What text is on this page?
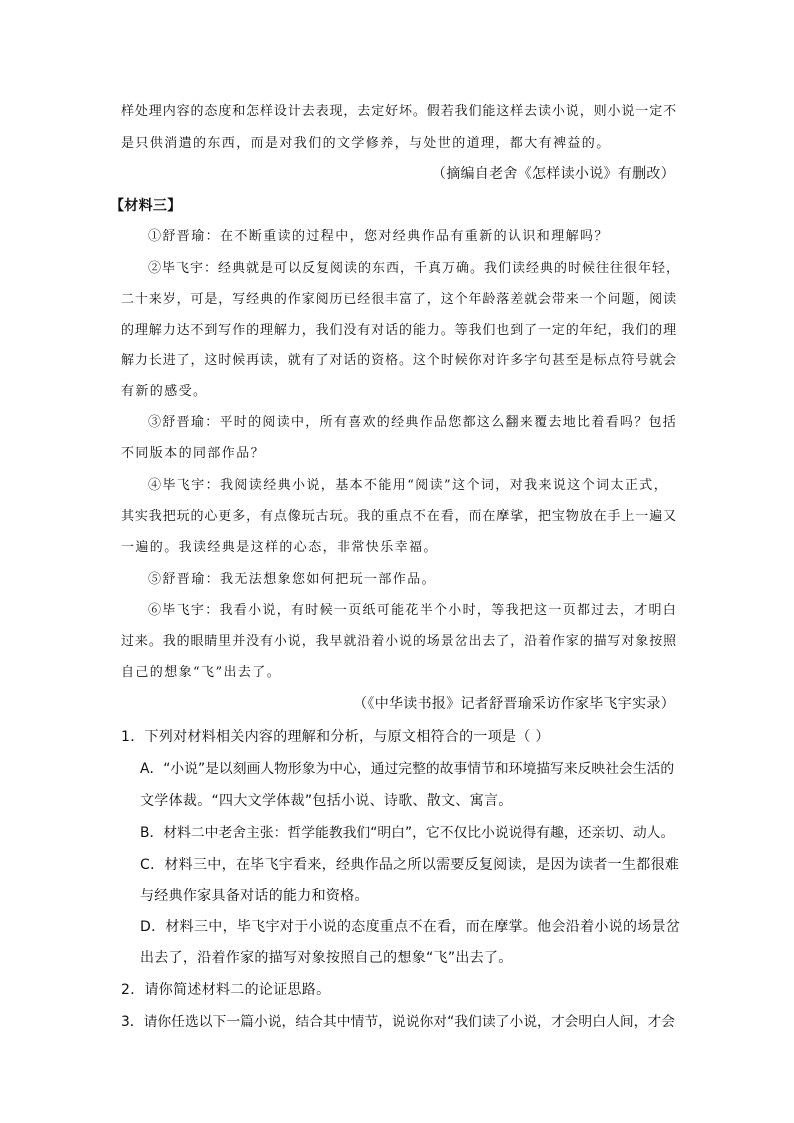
样处理内容的态度和怎样设计去表现，去定好坏。假若我们能这样去读小说，则小说一定不
是只供消遣的东西，而是对我们的文学修养，与处世的道理，都大有裨益的。
（摘编自老舍《怎样读小说》有删改）
【材料三】
①舒晋瑜：在不断重读的过程中，您对经典作品有重新的认识和理解吗？
②毕飞宇：经典就是可以反复阅读的东西，千真万确。我们读经典的时候往往很年轻，
二十来岁，可是，写经典的作家阅历已经很丰富了，这个年龄落差就会带来一个问题，阅读
的理解力达不到写作的理解力，我们没有对话的能力。等我们也到了一定的年纪，我们的理
解力长进了，这时候再读，就有了对话的资格。这个时候你对许多字句甚至是标点符号就会
有新的感受。
③舒晋瑜：平时的阅读中，所有喜欢的经典作品您都这么翻来覆去地比着看吗？包括
不同版本的同部作品？
④毕飞宇：我阅读经典小说，基本不能用“阅读”这个词，对我来说这个词太正式，
其实我把玩的心更多，有点像玩古玩。我的重点不在看，而在摩挲，把宝物放在手上一遍又
一遍的。我读经典是这样的心态，非常快乐幸福。
⑤舒晋瑜：我无法想象您如何把玩一部作品。
⑥毕飞宇：我看小说，有时候一页纸可能花半个小时，等我把这一页都过去，才明白
过来。我的眼睛里并没有小说，我早就沿着小说的场景岔出去了，沿着作家的描写对象按照
自己的想象“飞”出去了。
（《中华读书报》记者舒晋瑜采访作家毕飞宇实录）
1．下列对材料相关内容的理解和分析，与原文相符合的一项是（ ）
A．“小说”是以刻画人物形象为中心，通过完整的故事情节和环境描写来反映社会生活的
文学体裁。“四大文学体裁”包括小说、诗歌、散文、寓言。
B．材料二中老舍主张：哲学能教我们“明白”，它不仅比小说说得有趣，还亲切、动人。
C．材料三中，在毕飞宇看来，经典作品之所以需要反复阅读，是因为读者一生都很难
与经典作家具备对话的能力和资格。
D．材料三中，毕飞宇对于小说的态度重点不在看，而在摩掌。他会沿着小说的场景岔
出去了，沿着作家的描写对象按照自己的想象“飞”出去了。
2．请你简述材料二的论证思路。
3．请你任选以下一篇小说，结合其中情节，说说你对“我们读了小说，才会明白人间，才会
